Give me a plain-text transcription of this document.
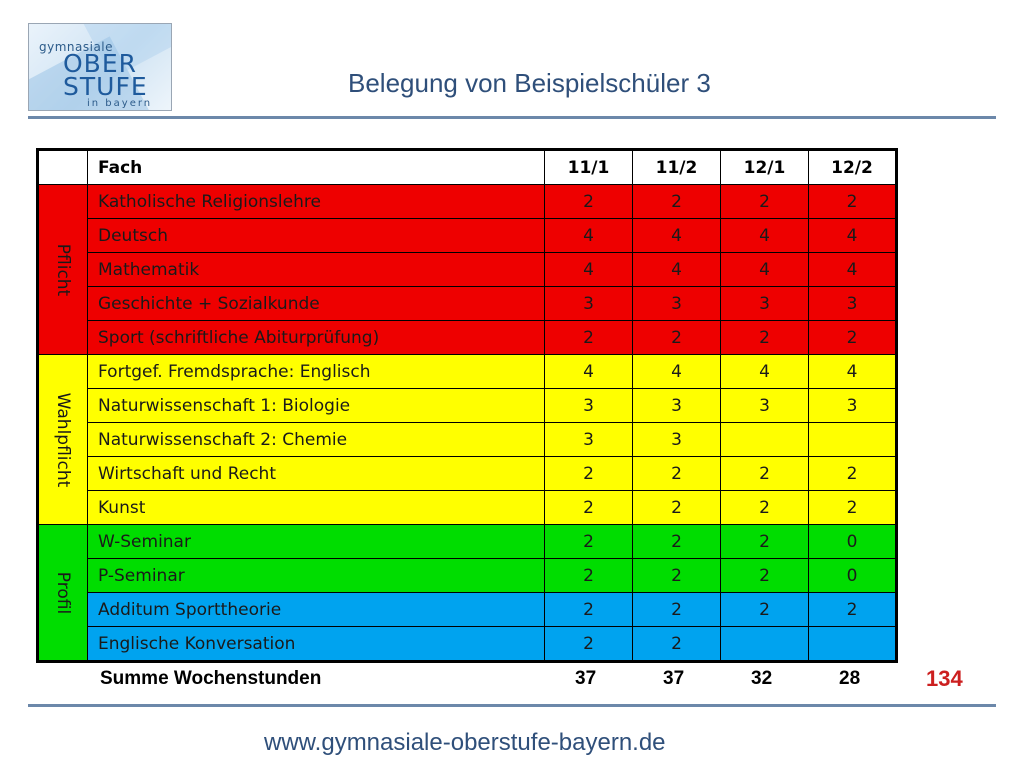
gymnasiale
OBER
STUFE
in bayern
Belegung von Beispielschüler 3
	Fach	11/1	11/2	12/1	12/2

Pflicht	Katholische Religionslehre	2	2	2	2
	Deutsch	4	4	4	4
	Mathematik	4	4	4	4
	Geschichte + Sozialkunde	3	3	3	3
	Sport (schriftliche Abiturprüfung)	2	2	2	2

Wahlpflicht	Fortgef. Fremdsprache: Englisch	4	4	4	4
	Naturwissenschaft 1: Biologie	3	3	3	3
	Naturwissenschaft 2: Chemie	3	3		
	Wirtschaft und Recht	2	2	2	2
	Kunst	2	2	2	2

Profil	W-Seminar	2	2	2	0
	P-Seminar	2	2	2	0
	Additum Sporttheorie	2	2	2	2
	Englische Konversation	2	2		
Summe Wochenstunden	37	37	32	28	134
www.gymnasiale-oberstufe-bayern.de
